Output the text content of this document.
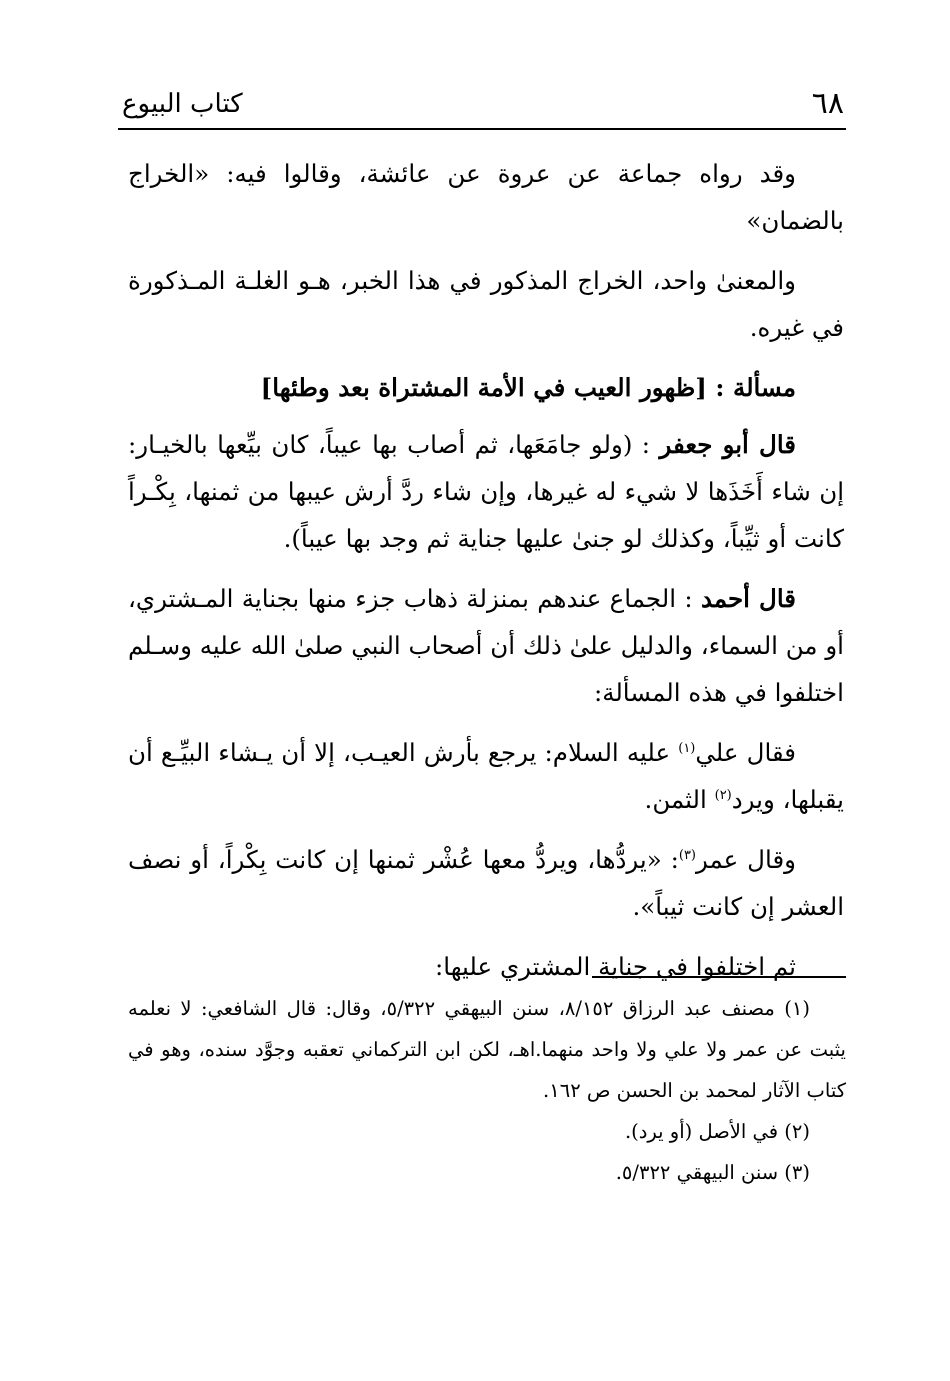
٦٨
كتاب البيوع

وقد رواه جماعة عن عروة عن عائشة، وقالوا فيه: «الخراج بالضمان»

والمعنىٰ واحد، الخراج المذكور في هذا الخبر، هـو الغلـة المـذكورة في غيره.

مسألة : [ظهور العيب في الأمة المشتراة بعد وطئها]

قال أبو جعفر : (ولو جامَعَها، ثم أصاب بها عيباً، كان بيِّعها بالخيـار: إن شاء أَخَذَها لا شيء له غيرها، وإن شاء ردَّ أرش عيبها من ثمنها، بِكْـراً كانت أو ثيِّباً، وكذلك لو جنىٰ عليها جناية ثم وجد بها عيباً).

قال أحمد : الجماع عندهم بمنزلة ذهاب جزء منها بجناية المـشتري، أو من السماء، والدليل علىٰ ذلك أن أصحاب النبي صلىٰ الله عليه وسـلم اختلفوا في هذه المسألة:

فقال علي$^{(١)}$ عليه السلام: يرجع بأرش العيـب، إلا أن يـشاء البيِّـع أن يقبلها، ويرد$^{(٢)}$ الثمن.

وقال عمر$^{(٣)}$: «يردُّها، ويردُّ معها عُشْر ثمنها إن كانت بِكْراً، أو نصف العشر إن كانت ثيباً».

ثم اختلفوا في جناية المشتري عليها:

(١) مصنف عبد الرزاق ٨/١٥٢، سنن البيهقي ٥/٣٢٢، وقال: قال الشافعي: لا نعلمه يثبت عن عمر ولا علي ولا واحد منهما.اهـ، لكن ابن التركماني تعقبه وجوَّد سنده، وهو في كتاب الآثار لمحمد بن الحسن ص ١٦٢.

(٢) في الأصل (أو يرد).

(٣) سنن البيهقي ٥/٣٢٢.
